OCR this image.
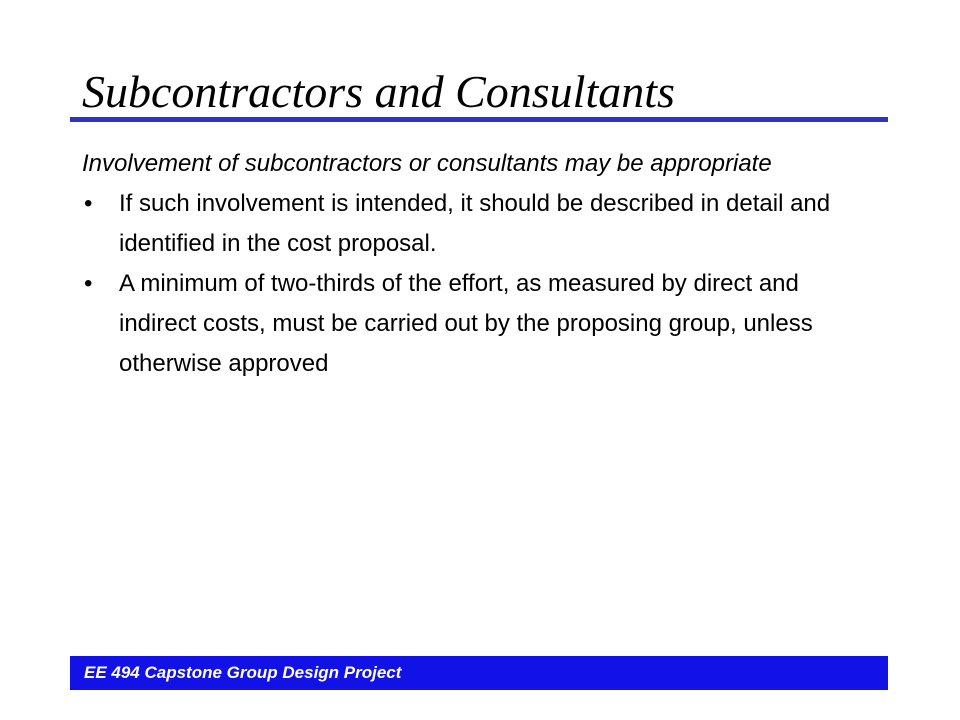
Subcontractors and Consultants

Involvement of subcontractors or consultants may be appropriate

• If such involvement is intended, it should be described in detail and identified in the cost proposal.
• A minimum of two-thirds of the effort, as measured by direct and indirect costs, must be carried out by the proposing group, unless otherwise approved
EE 494 Capstone Group Design Project
